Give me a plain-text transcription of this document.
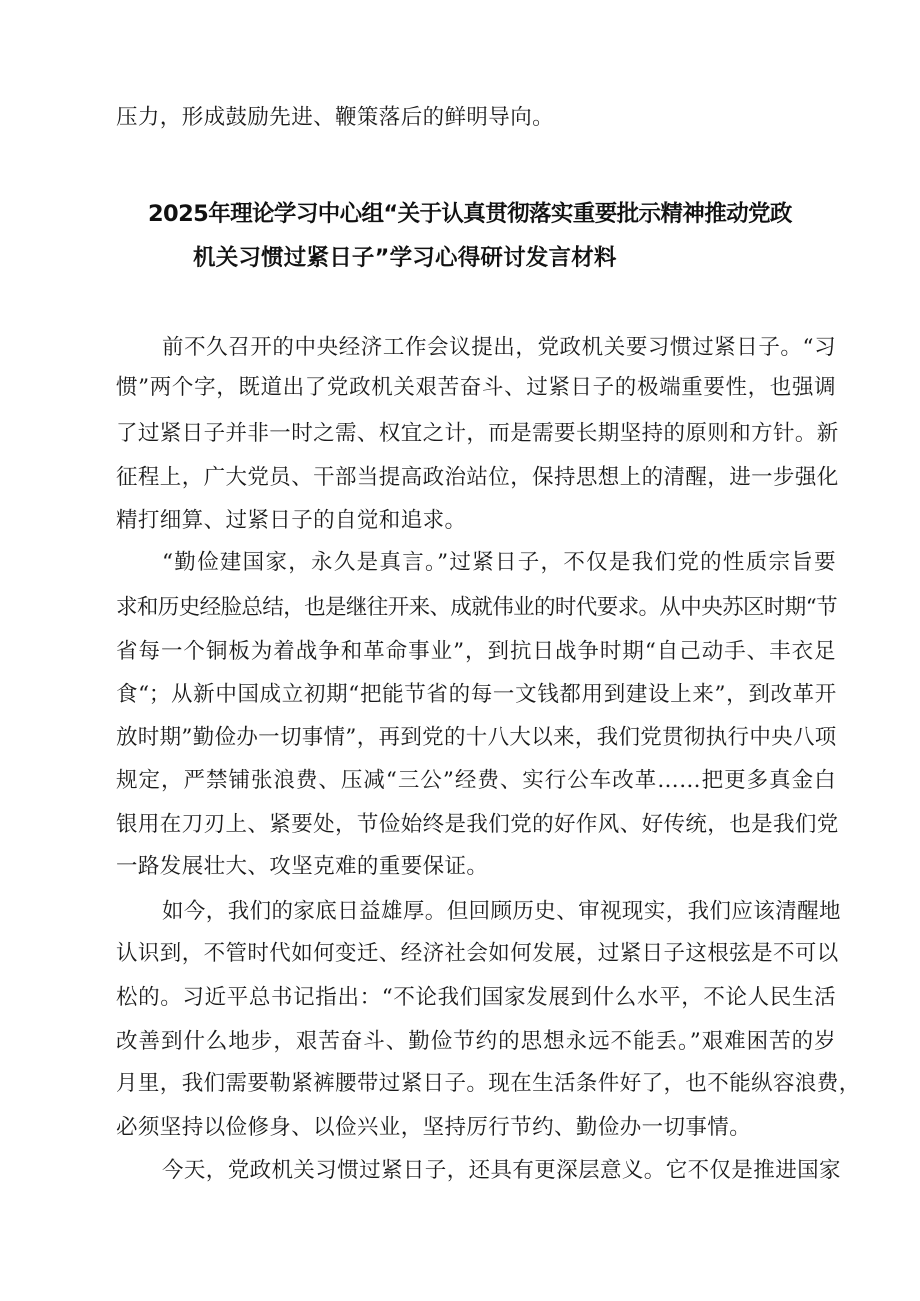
压力，形成鼓励先进、鞭策落后的鲜明导向。
2025年理论学习中心组“关于认真贯彻落实重要批示精神推动党政
机关习惯过紧日子”学习心得研讨发言材料
前不久召开的中央经济工作会议提出，党政机关要习惯过紧日子。“习
惯”两个字，既道出了党政机关艰苦奋斗、过紧日子的极端重要性，也强调
了过紧日子并非一时之需、权宜之计，而是需要长期坚持的原则和方针。新
征程上，广大党员、干部当提高政治站位，保持思想上的清醒，进一步强化
精打细算、过紧日子的自觉和追求。
“勤俭建国家，永久是真言。”过紧日子，不仅是我们党的性质宗旨要
求和历史经脸总结，也是继往开来、成就伟业的时代要求。从中央苏区时期“节
省每一个铜板为着战争和革命事业”，到抗日战争时期“自己动手、丰衣足
食“；从新中国成立初期“把能节省的每一文钱都用到建设上来”，到改革开
放时期”勤俭办一切事情”，再到党的十八大以来，我们党贯彻执行中央八项
规定，严禁铺张浪费、压减“三公”经费、实行公车改革……把更多真金白
银用在刀刃上、紧要处，节俭始终是我们党的好作风、好传统，也是我们党
一路发展壮大、攻坚克难的重要保证。
如今，我们的家底日益雄厚。但回顾历史、审视现实，我们应该清醒地
认识到，不管时代如何变迁、经济社会如何发展，过紧日子这根弦是不可以
松的。习近平总书记指出：“不论我们国家发展到什么水平，不论人民生活
改善到什么地步，艰苦奋斗、勤俭节约的思想永远不能丢。”艰难困苦的岁
月里，我们需要勒紧裤腰带过紧日子。现在生活条件好了，也不能纵容浪费，
必须坚持以俭修身、以俭兴业，坚持厉行节约、勤俭办一切事情。
今天，党政机关习惯过紧日子，还具有更深层意义。它不仅是推进国家
